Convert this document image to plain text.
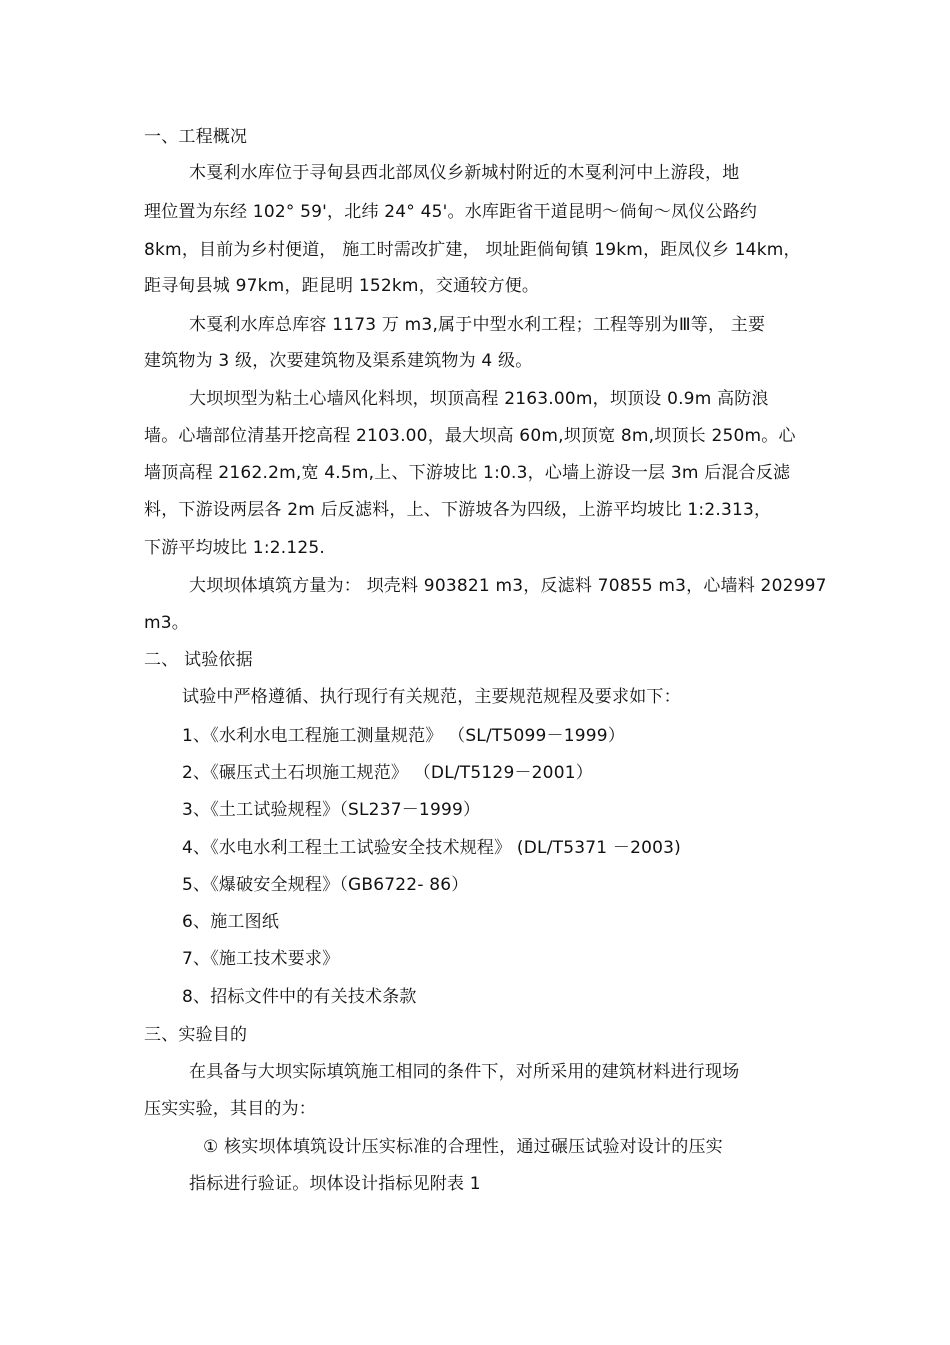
一、工程概况
木戛利水库位于寻甸县西北部凤仪乡新城村附近的木戛利河中上游段，地
理位置为东经 102° 59'，北纬 24° 45'。水库距省干道昆明～倘甸～凤仪公路约
8km，目前为乡村便道， 施工时需改扩建， 坝址距倘甸镇 19km，距凤仪乡 14km，
距寻甸县城 97km，距昆明 152km，交通较方便。
木戛利水库总库容 1173 万 m3,属于中型水利工程；工程等别为Ⅲ等， 主要
建筑物为 3 级，次要建筑物及渠系建筑物为 4 级。
大坝坝型为粘土心墙风化料坝，坝顶高程 2163.00m，坝顶设 0.9m 高防浪
墙。心墙部位清基开挖高程 2103.00，最大坝高 60m,坝顶宽 8m,坝顶长 250m。心
墙顶高程 2162.2m,宽 4.5m,上、下游坡比 1:0.3，心墙上游设一层 3m 后混合反滤
料，下游设两层各 2m 后反滤料，上、下游坡各为四级，上游平均坡比 1:2.313，
下游平均坡比 1:2.125.
大坝坝体填筑方量为： 坝壳料 903821 m3，反滤料 70855 m3，心墙料 202997
m3。
二、 试验依据
试验中严格遵循、执行现行有关规范，主要规范规程及要求如下：
1、《水利水电工程施工测量规范》 （SL/T5099－1999）
2、《碾压式土石坝施工规范》 （DL/T5129－2001）
3、《土工试验规程》（SL237－1999）
4、《水电水利工程土工试验安全技术规程》 (DL/T5371 －2003)
5、《爆破安全规程》（GB6722- 86）
6、施工图纸
7、《施工技术要求》
8、招标文件中的有关技术条款
三、实验目的
在具备与大坝实际填筑施工相同的条件下，对所采用的建筑材料进行现场
压实实验，其目的为：
① 核实坝体填筑设计压实标准的合理性，通过碾压试验对设计的压实
指标进行验证。坝体设计指标见附表 1
